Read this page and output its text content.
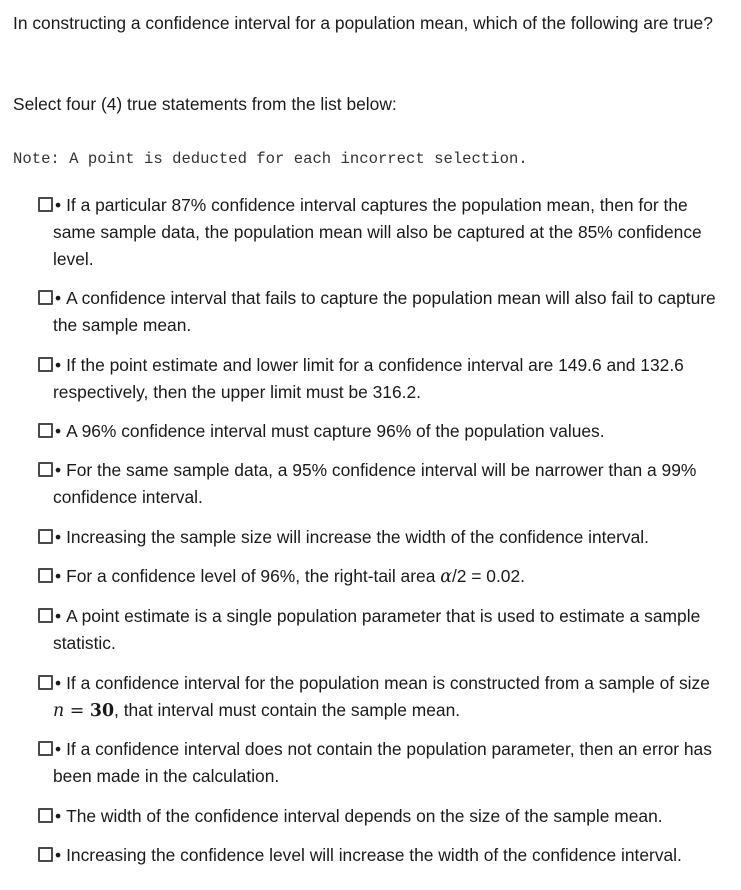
In constructing a confidence interval for a population mean, which of the following are true?

Select four (4) true statements from the list below:

Note: A point is deducted for each incorrect selection.

• If a particular 87% confidence interval captures the population mean, then for the same sample data, the population mean will also be captured at the 85% confidence level.
• A confidence interval that fails to capture the population mean will also fail to capture the sample mean.
• If the point estimate and lower limit for a confidence interval are 149.6 and 132.6 respectively, then the upper limit must be 316.2.
• A 96% confidence interval must capture 96% of the population values.
• For the same sample data, a 95% confidence interval will be narrower than a 99% confidence interval.
• Increasing the sample size will increase the width of the confidence interval.
• For a confidence level of 96%, the right-tail area α/2 = 0.02.
• A point estimate is a single population parameter that is used to estimate a sample statistic.
• If a confidence interval for the population mean is constructed from a sample of size n = 30, that interval must contain the sample mean.
• If a confidence interval does not contain the population parameter, then an error has been made in the calculation.
• The width of the confidence interval depends on the size of the sample mean.
• Increasing the confidence level will increase the width of the confidence interval.
